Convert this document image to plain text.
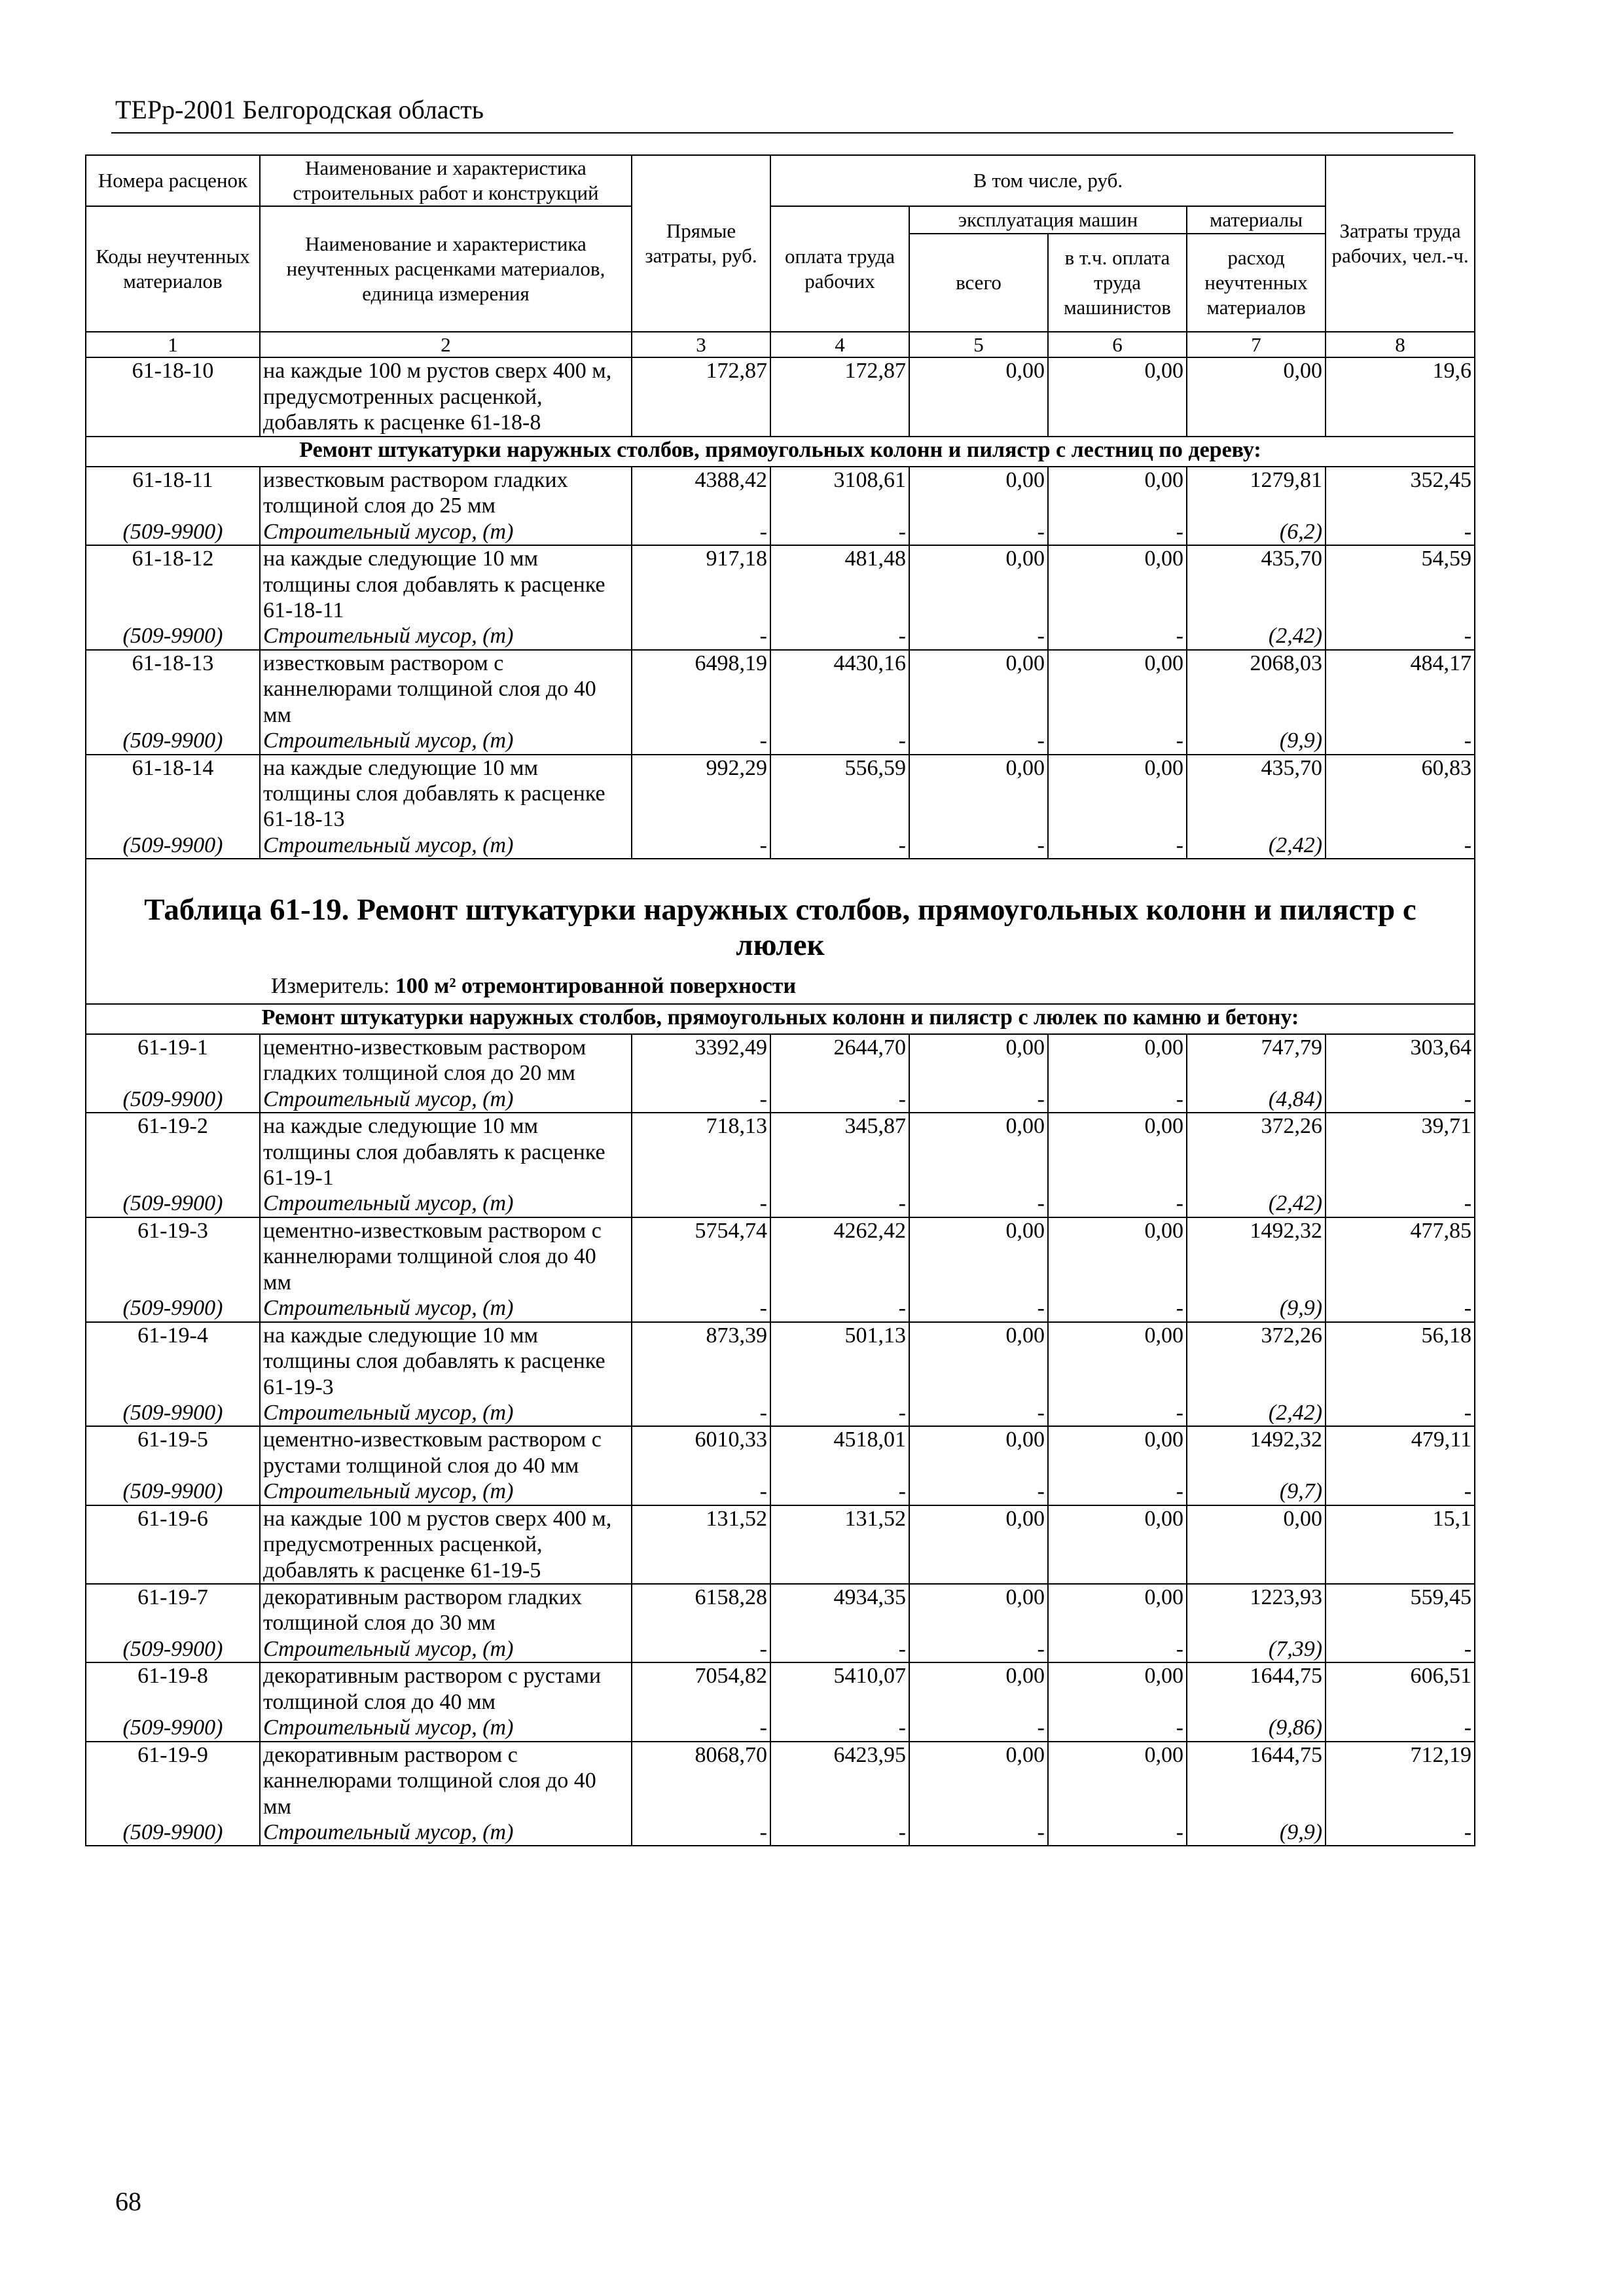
ТЕРр-2001 Белгородская область
Номера расценок	Наименование и характеристика строительных работ и конструкций	Прямые затраты, руб.	В том числе, руб.				Затраты труда рабочих, чел.-ч.
Коды неучтенных материалов	Наименование и характеристика неучтенных расценками материалов, единица измерения		оплата труда рабочих	эксплуатация машин		материалы	
				всего	в т.ч. оплата труда машинистов	расход неучтенных материалов	
1	2	3	4	5	6	7	8
61-18-10	на каждые 100 м рустов сверх 400 м, предусмотренных расценкой, добавлять к расценке 61-18-8	172,87	172,87	0,00	0,00	0,00	19,6
Ремонт штукатурки наружных столбов, прямоугольных колонн и пилястр с лестниц по дереву:							
61-18-11	известковым раствором гладких толщиной слоя до 25 мм	4388,42	3108,61	0,00	0,00	1279,81	352,45
(509-9900)	Строительный мусор, (т)	-	-	-	-	(6,2)	-
61-18-12	на каждые следующие 10 мм толщины слоя добавлять к расценке 61-18-11	917,18	481,48	0,00	0,00	435,70	54,59
(509-9900)	Строительный мусор, (т)	-	-	-	-	(2,42)	-
61-18-13	известковым раствором с каннелюрами толщиной слоя до 40 мм	6498,19	4430,16	0,00	0,00	2068,03	484,17
(509-9900)	Строительный мусор, (т)	-	-	-	-	(9,9)	-
61-18-14	на каждые следующие 10 мм толщины слоя добавлять к расценке 61-18-13	992,29	556,59	0,00	0,00	435,70	60,83
(509-9900)	Строительный мусор, (т)	-	-	-	-	(2,42)	-

Таблица 61-19. Ремонт штукатурки наружных столбов, прямоугольных колонн и пилястр с люлек
Измеритель: 100 м² отремонтированной поверхности							

Ремонт штукатурки наружных столбов, прямоугольных колонн и пилястр с люлек по камню и бетону:							
61-19-1	цементно-известковым раствором гладких толщиной слоя до 20 мм	3392,49	2644,70	0,00	0,00	747,79	303,64
(509-9900)	Строительный мусор, (т)	-	-	-	-	(4,84)	-
61-19-2	на каждые следующие 10 мм толщины слоя добавлять к расценке 61-19-1	718,13	345,87	0,00	0,00	372,26	39,71
(509-9900)	Строительный мусор, (т)	-	-	-	-	(2,42)	-
61-19-3	цементно-известковым раствором с каннелюрами толщиной слоя до 40 мм	5754,74	4262,42	0,00	0,00	1492,32	477,85
(509-9900)	Строительный мусор, (т)	-	-	-	-	(9,9)	-
61-19-4	на каждые следующие 10 мм толщины слоя добавлять к расценке 61-19-3	873,39	501,13	0,00	0,00	372,26	56,18
(509-9900)	Строительный мусор, (т)	-	-	-	-	(2,42)	-
61-19-5	цементно-известковым раствором с рустами толщиной слоя до 40 мм	6010,33	4518,01	0,00	0,00	1492,32	479,11
(509-9900)	Строительный мусор, (т)	-	-	-	-	(9,7)	-
61-19-6	на каждые 100 м рустов сверх 400 м, предусмотренных расценкой, добавлять к расценке 61-19-5	131,52	131,52	0,00	0,00	0,00	15,1
61-19-7	декоративным раствором гладких толщиной слоя до 30 мм	6158,28	4934,35	0,00	0,00	1223,93	559,45
(509-9900)	Строительный мусор, (т)	-	-	-	-	(7,39)	-
61-19-8	декоративным раствором с рустами толщиной слоя до 40 мм	7054,82	5410,07	0,00	0,00	1644,75	606,51
(509-9900)	Строительный мусор, (т)	-	-	-	-	(9,86)	-
61-19-9	декоративным раствором с каннелюрами толщиной слоя до 40 мм	8068,70	6423,95	0,00	0,00	1644,75	712,19
(509-9900)	Строительный мусор, (т)	-	-	-	-	(9,9)	-
68
